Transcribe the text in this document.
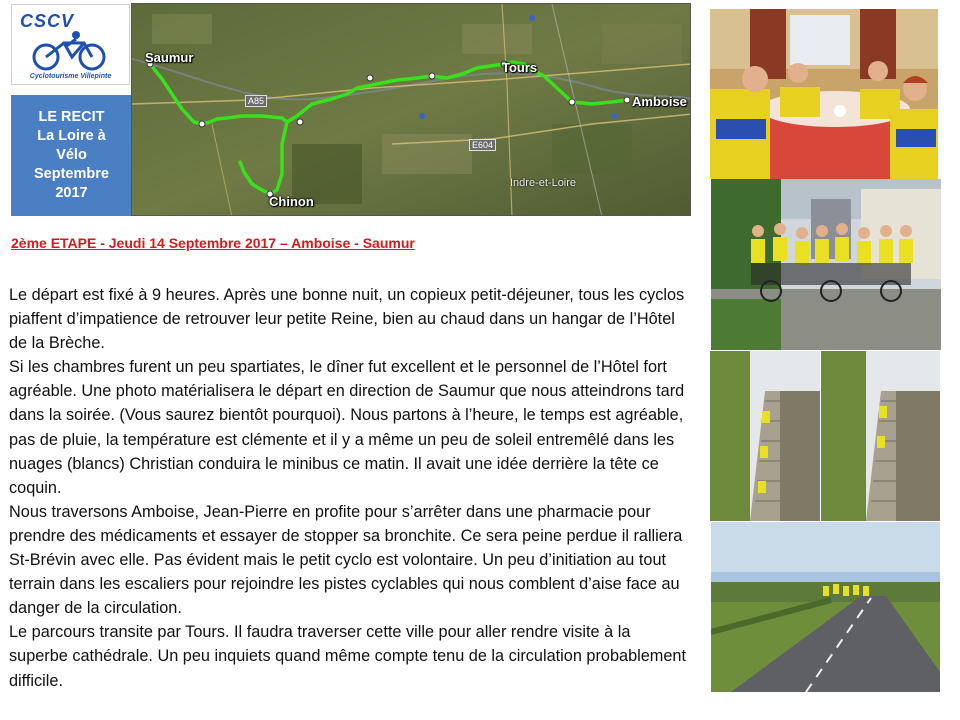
CSCV
Cyclotourisme Villepinte
LE RECIT
La Loire à
Vélo
Septembre
2017
Saumur
Tours
Amboise
Chinon
A85
E604
Indre-et-Loire
2ème ETAPE - Jeudi 14 Septembre 2017 – Amboise - Saumur

Le départ est fixé à 9 heures. Après une bonne nuit, un copieux petit-déjeuner, tous les cyclos piaffent d’impatience de retrouver leur petite Reine, bien au chaud dans un hangar de l’Hôtel de la Brèche.

Si les chambres furent un peu spartiates, le dîner fut excellent et le personnel de l’Hôtel fort agréable. Une photo matérialisera le départ en direction de Saumur que nous atteindrons tard dans la soirée. (Vous saurez bientôt pourquoi). Nous partons à l’heure, le temps est agréable, pas de pluie, la température est clémente et il y a même un peu de soleil entremêlé dans les nuages (blancs) Christian conduira le minibus ce matin. Il avait une idée derrière la tête ce coquin.

Nous traversons Amboise, Jean-Pierre en profite pour s’arrêter dans une pharmacie pour prendre des médicaments et essayer de stopper sa bronchite. Ce sera peine perdue il ralliera St-Brévin avec elle. Pas évident mais le petit cyclo est volontaire. Un peu d’initiation au tout terrain dans les escaliers pour rejoindre les pistes cyclables qui nous comblent d’aise face au danger de la circulation.

Le parcours transite par Tours. Il faudra traverser cette ville pour aller rendre visite à la superbe cathédrale. Un peu inquiets quand même compte tenu de la circulation probablement difficile.
